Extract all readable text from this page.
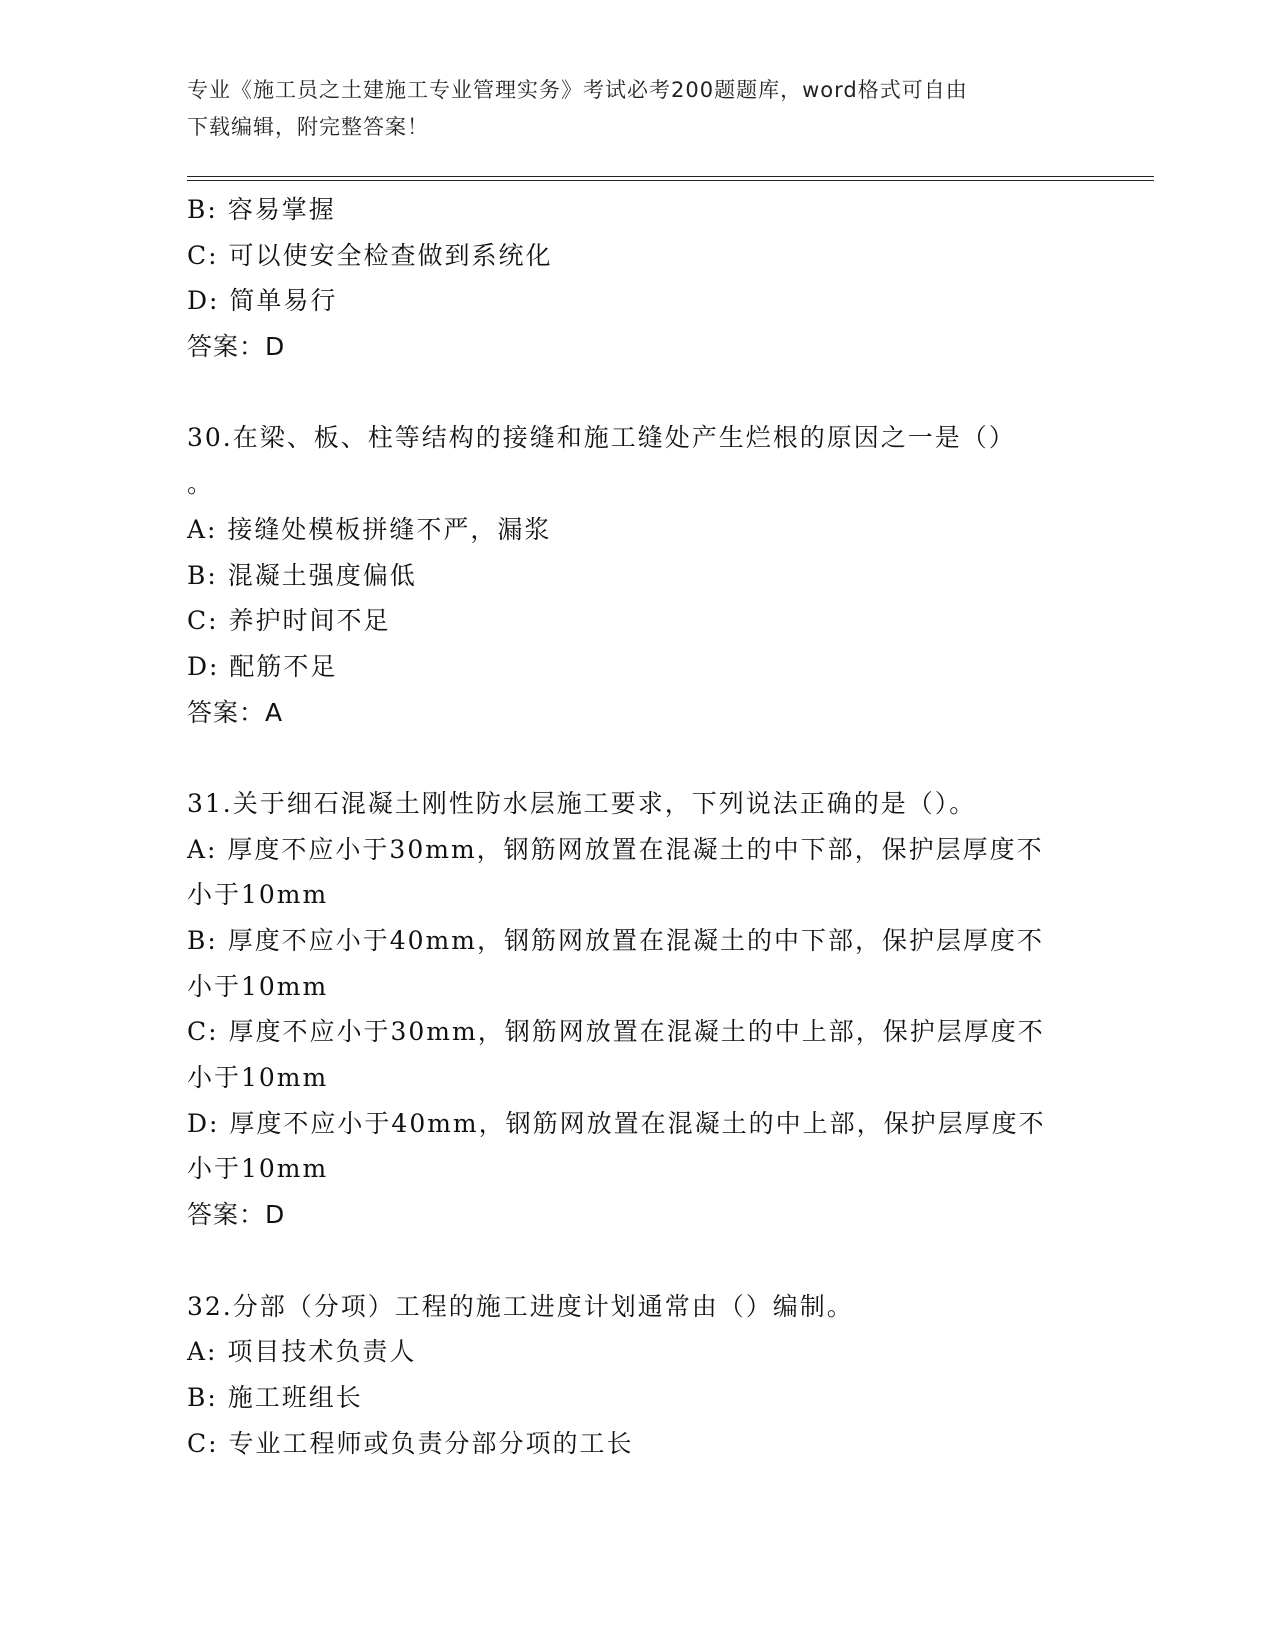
专业《施工员之土建施工专业管理实务》考试必考200题题库，word格式可自由
下载编辑，附完整答案！
B: 容易掌握
C: 可以使安全检查做到系统化
D: 简单易行
答案：D
30.在梁、板、柱等结构的接缝和施工缝处产生烂根的原因之一是（）
。
A: 接缝处模板拼缝不严，漏浆
B: 混凝土强度偏低
C: 养护时间不足
D: 配筋不足
答案：A
31.关于细石混凝土刚性防水层施工要求，下列说法正确的是（）。
A: 厚度不应小于30mm，钢筋网放置在混凝土的中下部，保护层厚度不
小于10mm
B: 厚度不应小于40mm，钢筋网放置在混凝土的中下部，保护层厚度不
小于10mm
C: 厚度不应小于30mm，钢筋网放置在混凝土的中上部，保护层厚度不
小于10mm
D: 厚度不应小于40mm，钢筋网放置在混凝土的中上部，保护层厚度不
小于10mm
答案：D
32.分部（分项）工程的施工进度计划通常由（）编制。
A: 项目技术负责人
B: 施工班组长
C: 专业工程师或负责分部分项的工长
